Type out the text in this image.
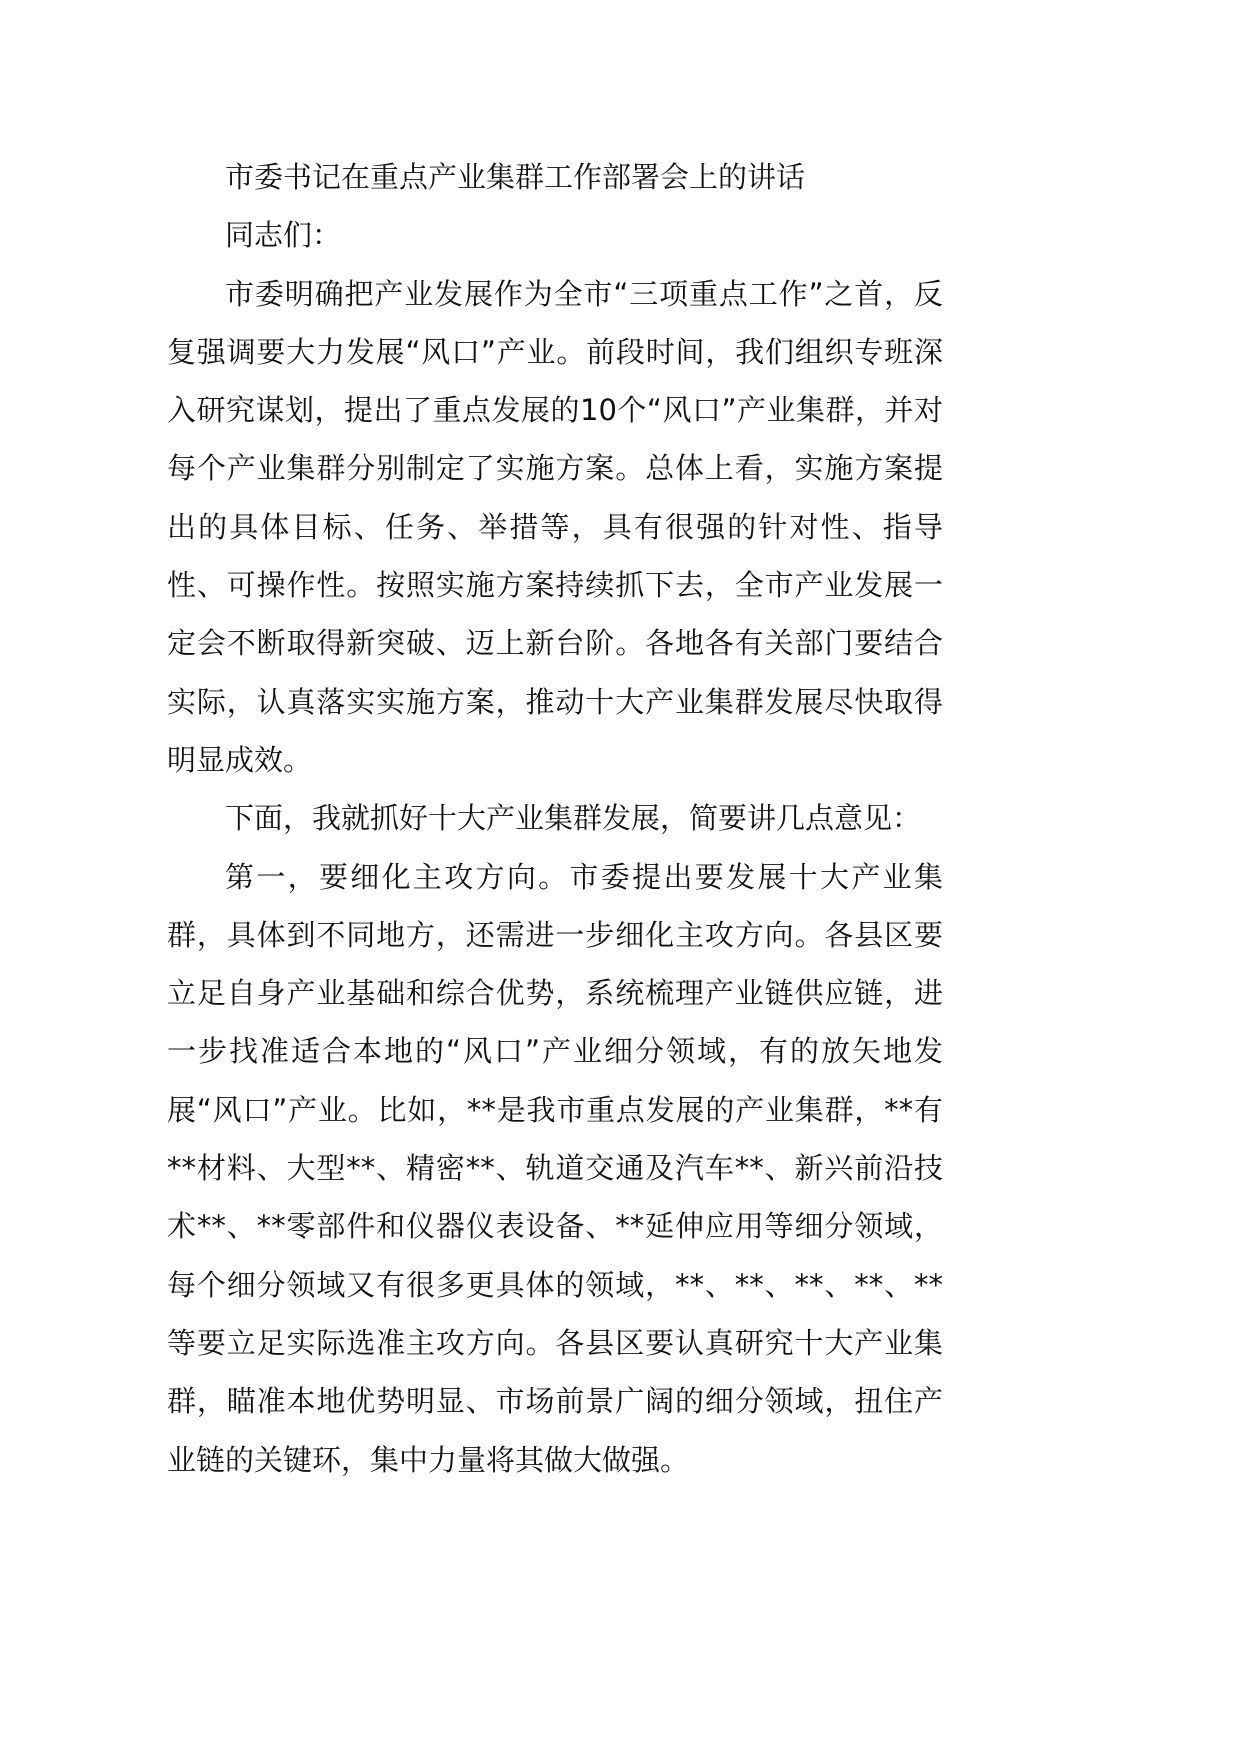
市委书记在重点产业集群工作部署会上的讲话

同志们：

市委明确把产业发展作为全市“三项重点工作”之首，反复强调要大力发展“风口”产业。前段时间，我们组织专班深入研究谋划，提出了重点发展的10个“风口”产业集群，并对每个产业集群分别制定了实施方案。总体上看，实施方案提出的具体目标、任务、举措等，具有很强的针对性、指导性、可操作性。按照实施方案持续抓下去，全市产业发展一定会不断取得新突破、迈上新台阶。各地各有关部门要结合实际，认真落实实施方案，推动十大产业集群发展尽快取得明显成效。

下面，我就抓好十大产业集群发展，简要讲几点意见：

第一，要细化主攻方向。市委提出要发展十大产业集群，具体到不同地方，还需进一步细化主攻方向。各县区要立足自身产业基础和综合优势，系统梳理产业链供应链，进一步找准适合本地的“风口”产业细分领域，有的放矢地发展“风口”产业。比如，**是我市重点发展的产业集群，**有**材料、大型**、精密**、轨道交通及汽车**、新兴前沿技术**、**零部件和仪器仪表设备、**延伸应用等细分领域，每个细分领域又有很多更具体的领域，**、**、**、**、**等要立足实际选准主攻方向。各县区要认真研究十大产业集群，瞄准本地优势明显、市场前景广阔的细分领域，扭住产业链的关键环，集中力量将其做大做强。
